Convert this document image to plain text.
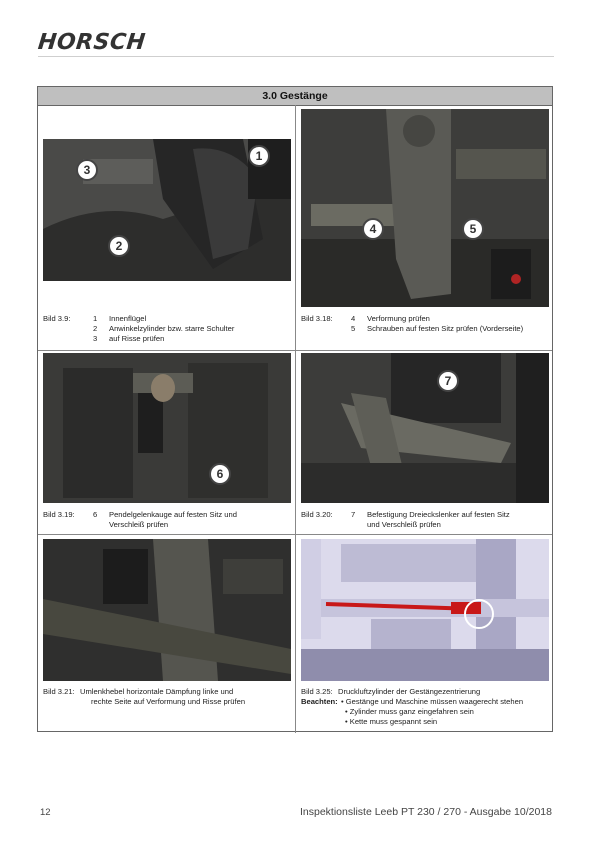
HORSCH
3.0 Gestänge
3
1
2
Bild 3.9:	1 Innenflügel
2 Anwinkelzylinder bzw. starre Schulter
3 auf Risse prüfen
4	5
Bild 3.18: 4 Verformung prüfen
5 Schrauben auf festen Sitz prüfen (Vorderseite)
6
Bild 3.19: 6 Pendelgelenkauge auf festen Sitz und
Verschleiß prüfen
7
Bild 3.20: 7 Befestigung Dreieckslenker auf festen Sitz
und Verschleiß prüfen
Bild 3.21: Umlenkhebel horizontale Dämpfung linke und
rechte Seite auf Verformung und Risse prüfen
Bild 3.25: Druckluftzylinder der Gestängezentrierung
Beachten: • Gestänge und Maschine müssen waagerecht stehen
• Zylinder muss ganz eingefahren sein
• Kette muss gespannt sein
12	Inspektionsliste Leeb PT 230 / 270 - Ausgabe 10/2018
